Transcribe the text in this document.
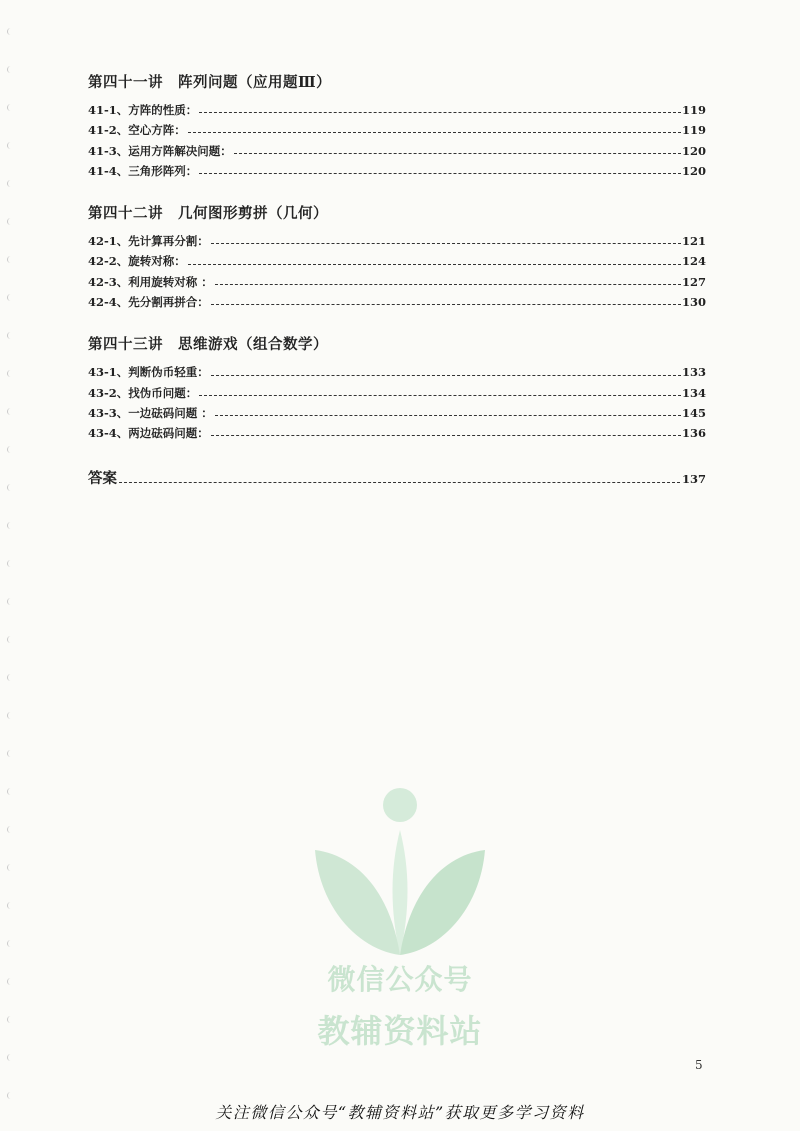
第四十一讲　阵列问题（应用题Ⅲ）
41-1 、方阵的性质：	119
41-2 、空心方阵：	119
41-3 、运用方阵解决问题：	120
41-4 、三角形阵列：	120
第四十二讲　几何图形剪拼（几何）
42-1 、先计算再分割：	121
42-2 、旋转对称：	124
42-3 、利用旋转对称 ：	127
42-4 、先分割再拼合：	130
第四十三讲　思维游戏（组合数学）
43-1 、判断伪币轻重：	133
43-2 、找伪币问题：	134
43-3 、一边砝码问题 ：	145
43-4 、两边砝码问题：	136
答案	137
微信公众号
教辅资料站
5
关注微信公众号“教辅资料站”获取更多学习资料
